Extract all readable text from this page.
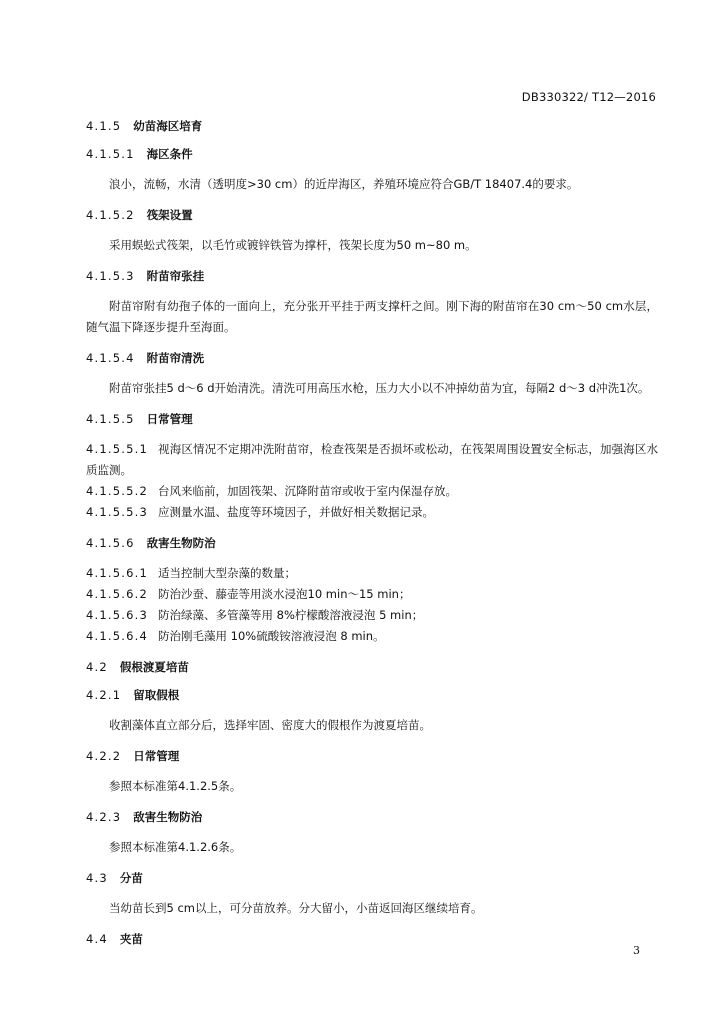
DB330322/ T12—2016
4.1.5 幼苗海区培育
4.1.5.1 海区条件
浪小，流畅，水清（透明度>30 cm）的近岸海区，养殖环境应符合GB/T 18407.4的要求。
4.1.5.2 筏架设置
采用蜈蚣式筏架，以毛竹或镀锌铁管为撑杆，筏架长度为50 m~80 m。
4.1.5.3 附苗帘张挂
附苗帘附有幼孢子体的一面向上，充分张开平挂于两支撑杆之间。刚下海的附苗帘在30 cm～50 cm水层，随气温下降逐步提升至海面。
4.1.5.4 附苗帘清洗
附苗帘张挂5 d～6 d开始清洗。清洗可用高压水枪，压力大小以不冲掉幼苗为宜，每隔2 d～3 d冲洗1次。
4.1.5.5 日常管理
4.1.5.5.1 视海区情况不定期冲洗附苗帘，检查筏架是否损坏或松动，在筏架周围设置安全标志，加强海区水质监测。
4.1.5.5.2 台风来临前，加固筏架、沉降附苗帘或收于室内保湿存放。
4.1.5.5.3 应测量水温、盐度等环境因子，并做好相关数据记录。
4.1.5.6 敌害生物防治
4.1.5.6.1 适当控制大型杂藻的数量；
4.1.5.6.2 防治沙蚕、藤壶等用淡水浸泡10 min～15 min；
4.1.5.6.3 防治绿藻、多管藻等用 8%柠檬酸溶液浸泡 5 min；
4.1.5.6.4 防治刚毛藻用 10%硫酸铵溶液浸泡 8 min。
4.2 假根渡夏培苗
4.2.1 留取假根
收割藻体直立部分后，选择牢固、密度大的假根作为渡夏培苗。
4.2.2 日常管理
参照本标准第4.1.2.5条。
4.2.3 敌害生物防治
参照本标准第4.1.2.6条。
4.3 分苗
当幼苗长到5 cm以上，可分苗放养。分大留小，小苗返回海区继续培育。
4.4 夹苗
3
